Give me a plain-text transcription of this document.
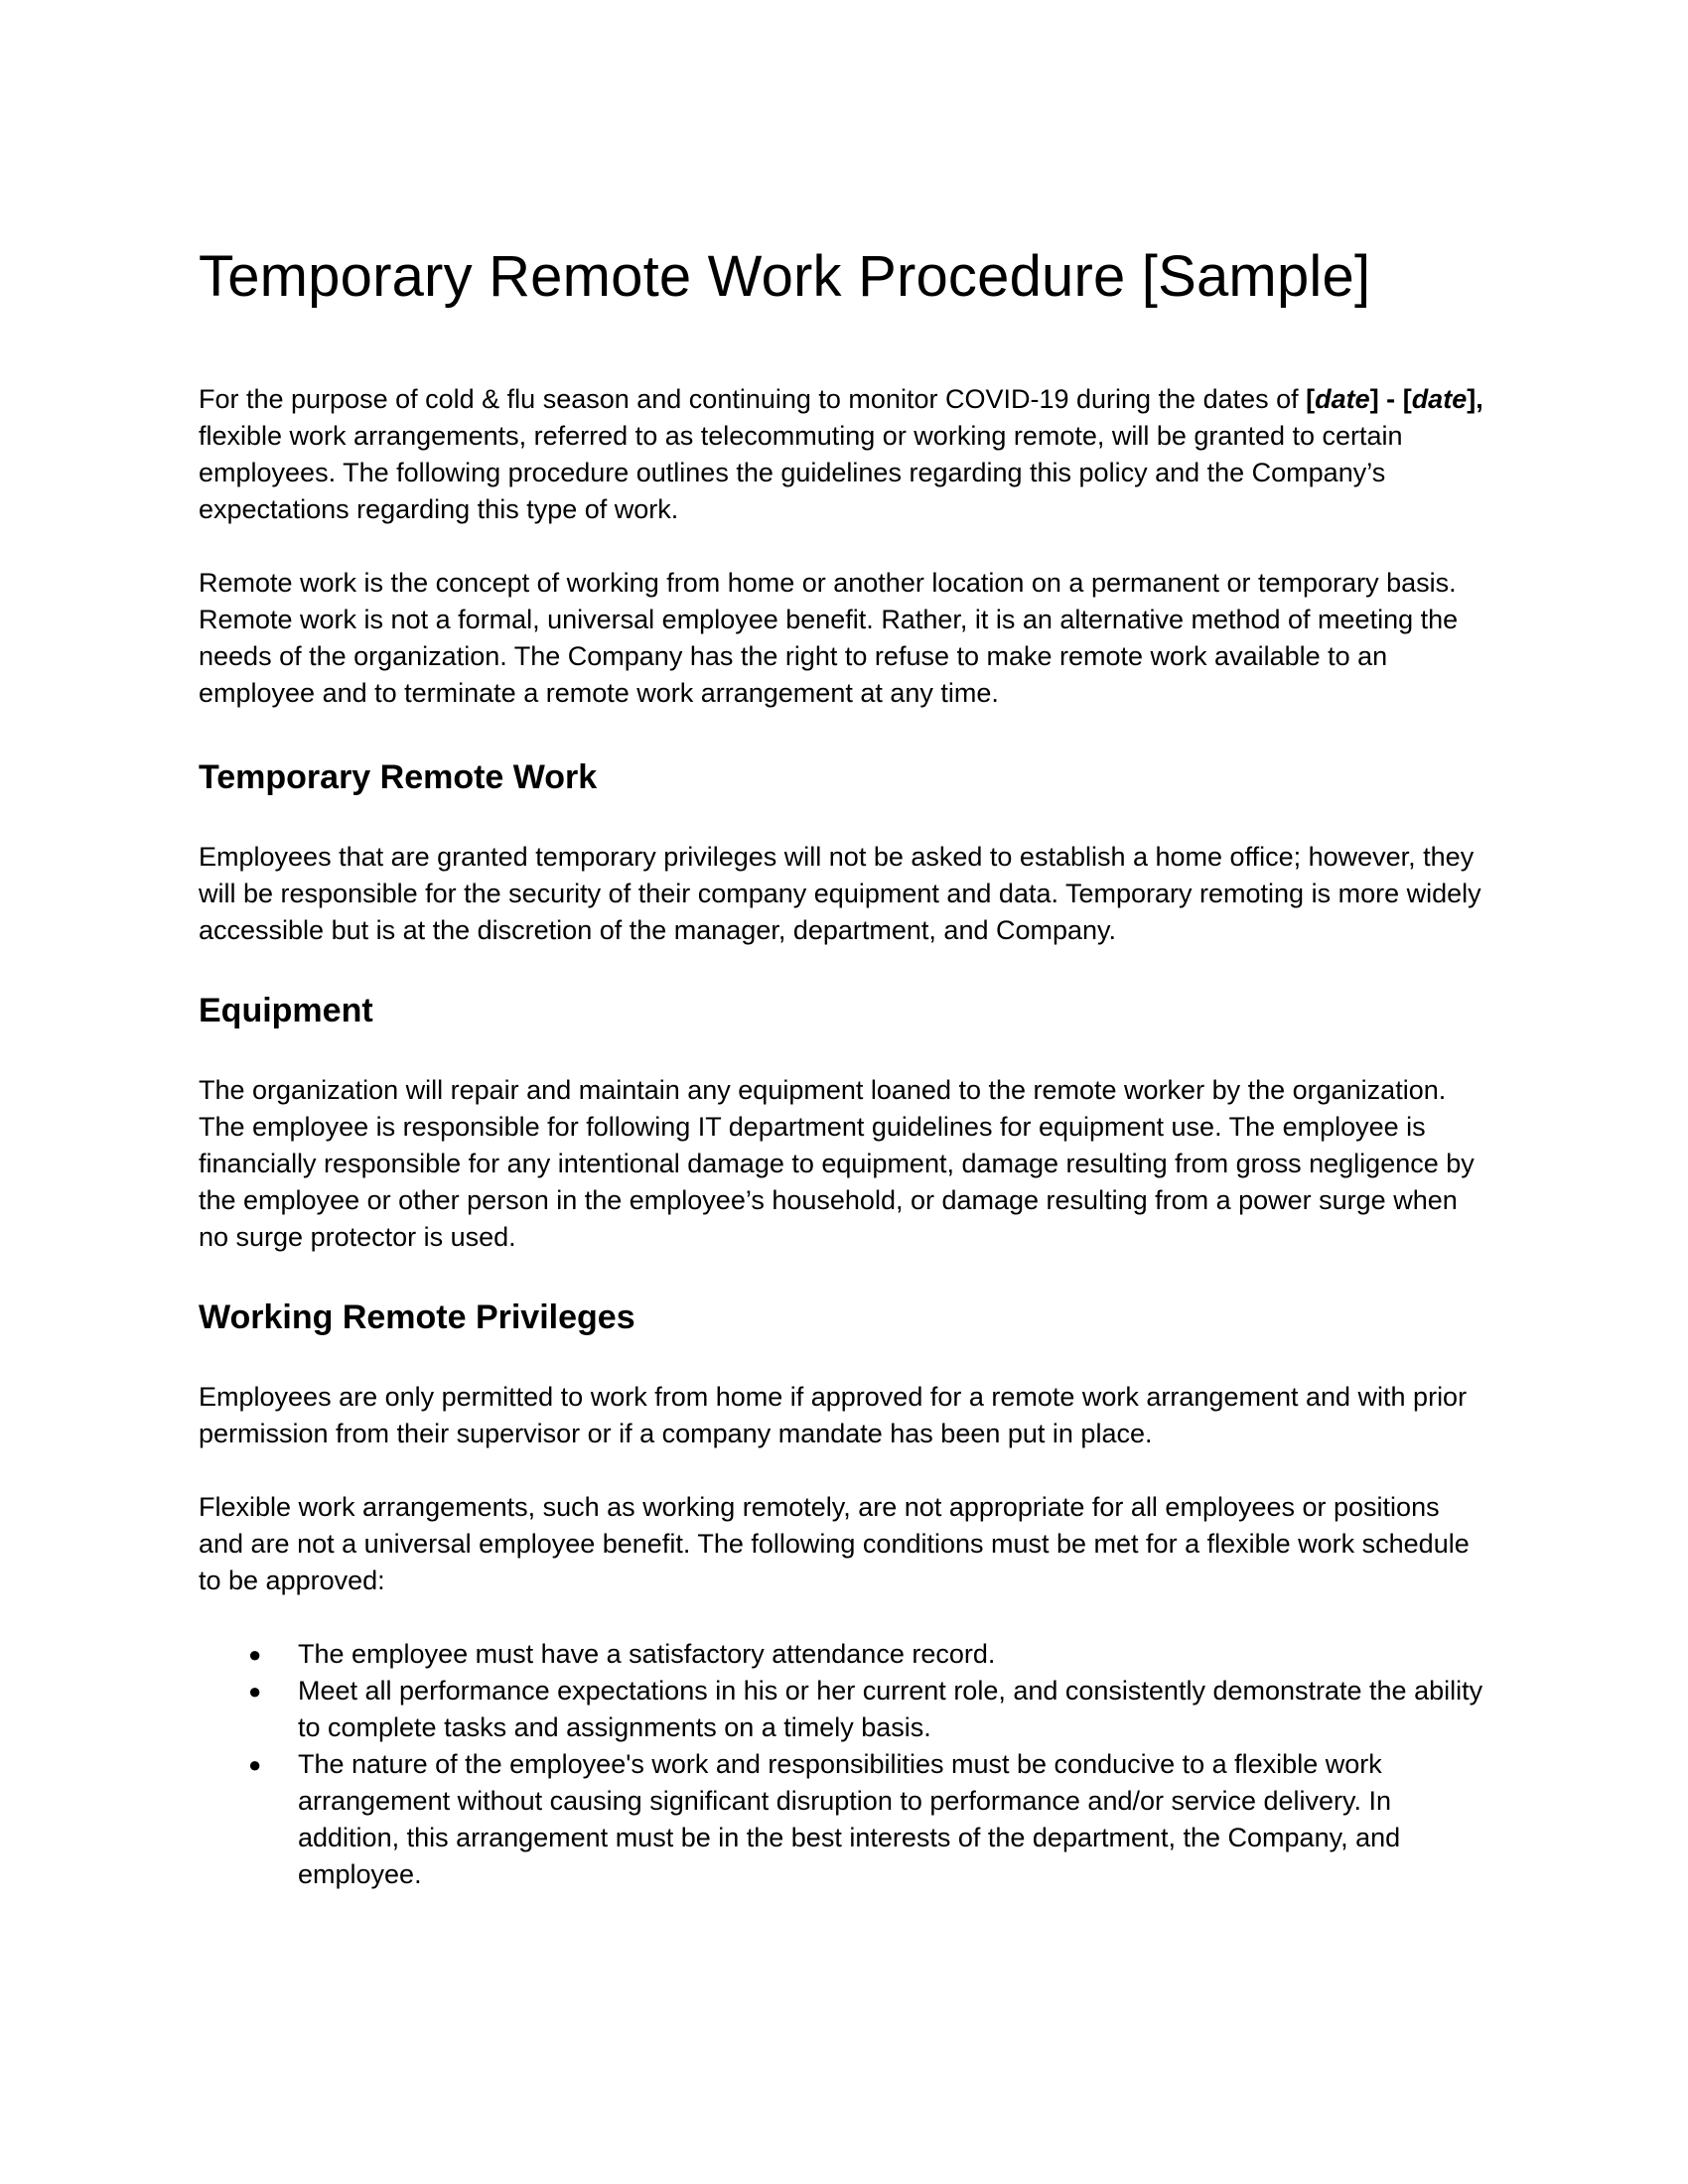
Temporary Remote Work Procedure [Sample]

For the purpose of cold & flu season and continuing to monitor COVID-19 during the dates of [date] - [date], flexible work arrangements, referred to as telecommuting or working remote, will be granted to certain employees. The following procedure outlines the guidelines regarding this policy and the Company’s expectations regarding this type of work.

Remote work is the concept of working from home or another location on a permanent or temporary basis. Remote work is not a formal, universal employee benefit. Rather, it is an alternative method of meeting the needs of the organization. The Company has the right to refuse to make remote work available to an employee and to terminate a remote work arrangement at any time.

Temporary Remote Work

Employees that are granted temporary privileges will not be asked to establish a home office; however, they will be responsible for the security of their company equipment and data. Temporary remoting is more widely accessible but is at the discretion of the manager, department, and Company.

Equipment

The organization will repair and maintain any equipment loaned to the remote worker by the organization. The employee is responsible for following IT department guidelines for equipment use. The employee is financially responsible for any intentional damage to equipment, damage resulting from gross negligence by the employee or other person in the employee’s household, or damage resulting from a power surge when no surge protector is used.

Working Remote Privileges

Employees are only permitted to work from home if approved for a remote work arrangement and with prior permission from their supervisor or if a company mandate has been put in place.

Flexible work arrangements, such as working remotely, are not appropriate for all employees or positions and are not a universal employee benefit. The following conditions must be met for a flexible work schedule to be approved:

●	The employee must have a satisfactory attendance record.
●	Meet all performance expectations in his or her current role, and consistently demonstrate the ability to complete tasks and assignments on a timely basis.
●	The nature of the employee's work and responsibilities must be conducive to a flexible work arrangement without causing significant disruption to performance and/or service delivery. In addition, this arrangement must be in the best interests of the department, the Company, and employee.
